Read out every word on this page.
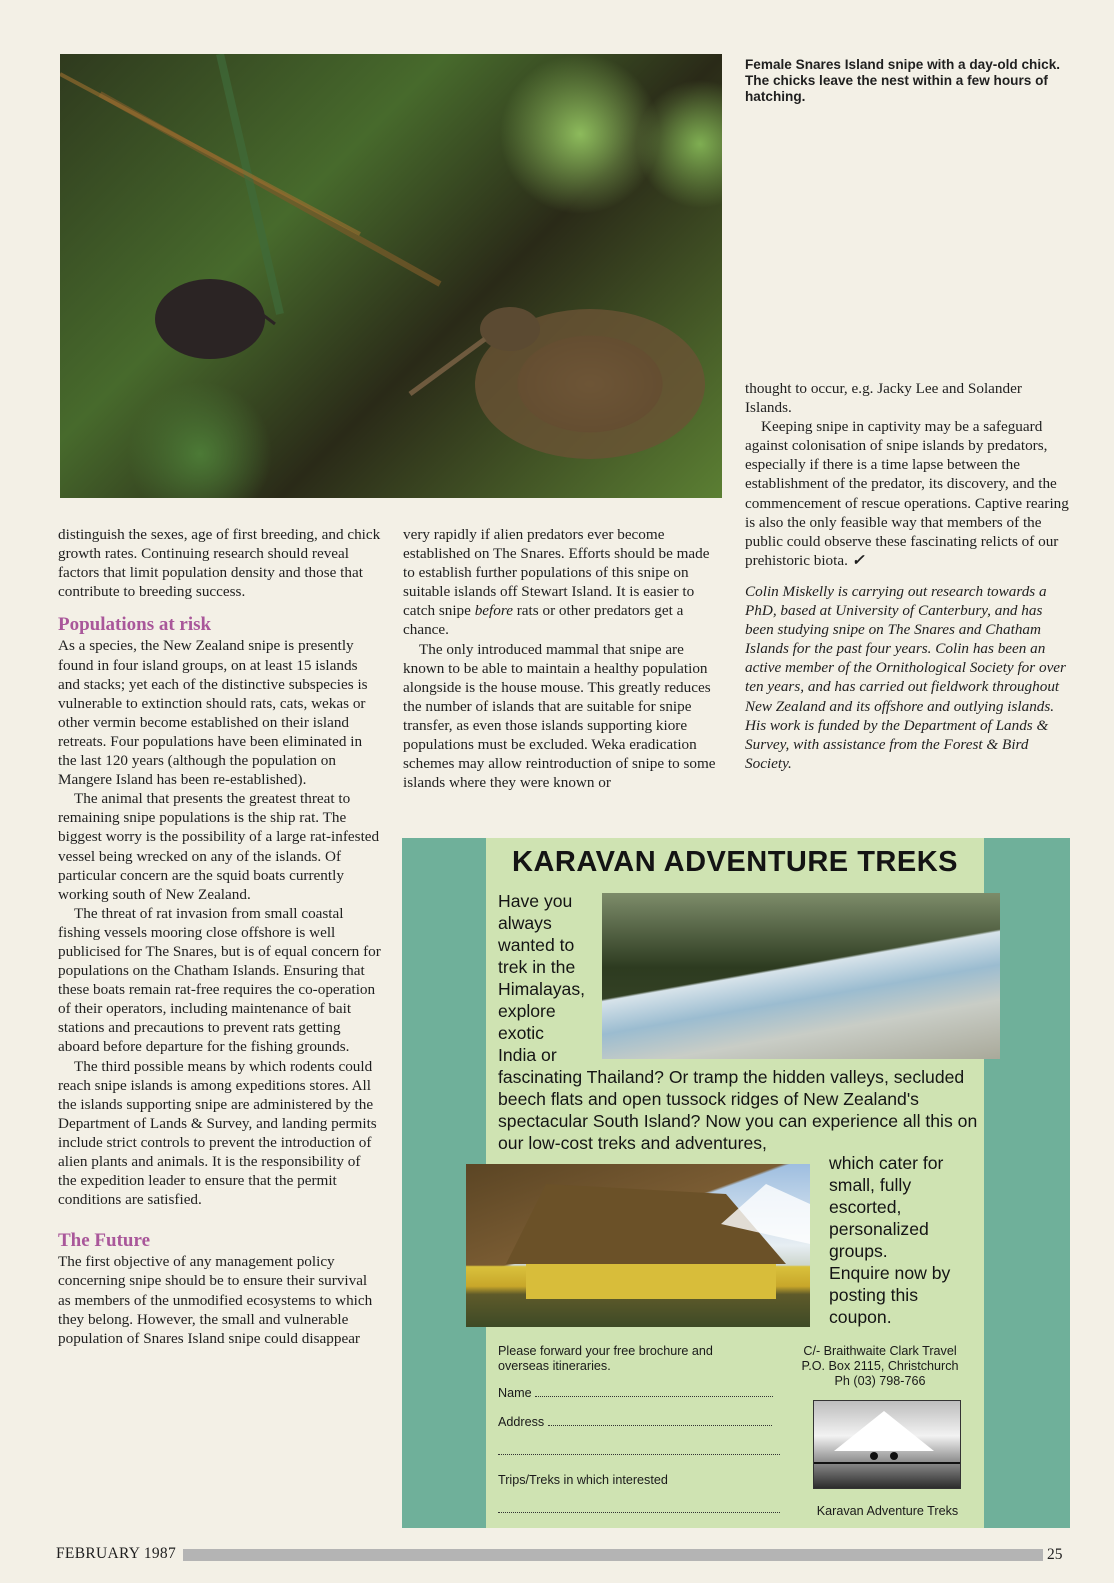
Female Snares Island snipe with a day-old chick. The chicks leave the nest within a few hours of hatching.

distinguish the sexes, age of first breeding, and chick growth rates. Continuing research should reveal factors that limit population density and those that contribute to breeding success.

Populations at risk

As a species, the New Zealand snipe is presently found in four island groups, on at least 15 islands and stacks; yet each of the distinctive subspecies is vulnerable to extinction should rats, cats, wekas or other vermin become established on their island retreats. Four populations have been eliminated in the last 120 years (although the population on Mangere Island has been re-established).

The animal that presents the greatest threat to remaining snipe populations is the ship rat. The biggest worry is the possibility of a large rat-infested vessel being wrecked on any of the islands. Of particular concern are the squid boats currently working south of New Zealand.

The threat of rat invasion from small coastal fishing vessels mooring close offshore is well publicised for The Snares, but is of equal concern for populations on the Chatham Islands. Ensuring that these boats remain rat-free requires the co-operation of their operators, including maintenance of bait stations and precautions to prevent rats getting aboard before departure for the fishing grounds.

The third possible means by which rodents could reach snipe islands is among expeditions stores. All the islands supporting snipe are administered by the Department of Lands & Survey, and landing permits include strict controls to prevent the introduction of alien plants and animals. It is the responsibility of the expedition leader to ensure that the permit conditions are satisfied.

The Future

The first objective of any management policy concerning snipe should be to ensure their survival as members of the unmodified ecosystems to which they belong. However, the small and vulnerable population of Snares Island snipe could disappear

very rapidly if alien predators ever become established on The Snares. Efforts should be made to establish further populations of this snipe on suitable islands off Stewart Island. It is easier to catch snipe before rats or other predators get a chance.

The only introduced mammal that snipe are known to be able to maintain a healthy population alongside is the house mouse. This greatly reduces the number of islands that are suitable for snipe transfer, as even those islands supporting kiore populations must be excluded. Weka eradication schemes may allow reintroduction of snipe to some islands where they were known or

thought to occur, e.g. Jacky Lee and Solander Islands.

Keeping snipe in captivity may be a safeguard against colonisation of snipe islands by predators, especially if there is a time lapse between the establishment of the predator, its discovery, and the commencement of rescue operations. Captive rearing is also the only feasible way that members of the public could observe these fascinating relicts of our prehistoric biota. ✓

Colin Miskelly is carrying out research towards a PhD, based at University of Canterbury, and has been studying snipe on The Snares and Chatham Islands for the past four years. Colin has been an active member of the Ornithological Society for over ten years, and has carried out fieldwork throughout New Zealand and its offshore and outlying islands. His work is funded by the Department of Lands & Survey, with assistance from the Forest & Bird Society.

KARAVAN ADVENTURE TREKS
Have you
always
wanted to
trek in the
Himalayas,
explore
exotic
India or
fascinating Thailand? Or tramp the hidden valleys, secluded beech flats and open tussock ridges of New Zealand's spectacular South Island? Now you can experience all this on our low-cost treks and adventures,
which cater for
small, fully
escorted,
personalized
groups.
Enquire now by
posting this
coupon.
Please forward your free brochure and overseas itineraries.
C/- Braithwaite Clark Travel
P.O. Box 2115, Christchurch
Ph (03) 798-766
Name
Address
Trips/Treks in which interested
Karavan Adventure Treks
FEBRUARY 1987	25
